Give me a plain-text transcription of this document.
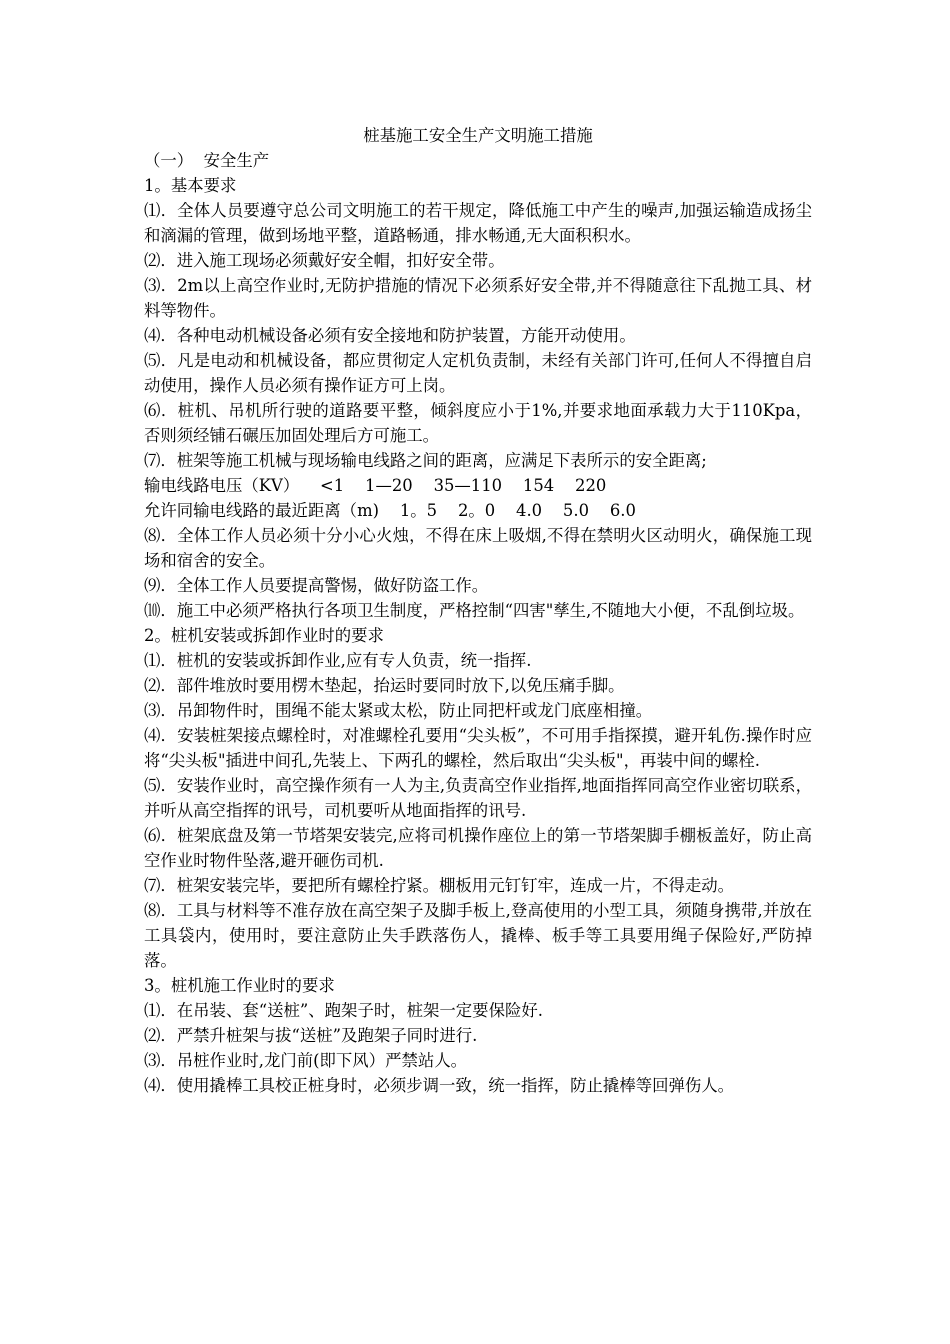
桩基施工安全生产文明施工措施

（一）  安全生产

1。基本要求

⑴．全体人员要遵守总公司文明施工的若干规定，降低施工中产生的噪声,加强运输造成扬尘和滴漏的管理，做到场地平整，道路畅通，排水畅通,无大面积积水。

⑵．进入施工现场必须戴好安全帽，扣好安全带。

⑶．2m以上高空作业时,无防护措施的情况下必须系好安全带,并不得随意往下乱抛工具、材料等物件。

⑷．各种电动机械设备必须有安全接地和防护装置，方能开动使用。

⑸．凡是电动和机械设备，都应贯彻定人定机负责制，未经有关部门许可,任何人不得擅自启动使用，操作人员必须有操作证方可上岗。

⑹．桩机、吊机所行驶的道路要平整，倾斜度应小于1%,并要求地面承载力大于110Kpa，否则须经铺石碾压加固处理后方可施工。

⑺．桩架等施工机械与现场输电线路之间的距离，应满足下表所示的安全距离;

输电线路电压（KV）    <1    1—20    35—110    154    220

允许同输电线路的最近距离（m)    1。5    2。0    4.0    5.0    6.0

⑻．全体工作人员必须十分小心火烛，不得在床上吸烟,不得在禁明火区动明火，确保施工现场和宿舍的安全。

⑼．全体工作人员要提高警惕，做好防盗工作。

⑽．施工中必须严格执行各项卫生制度，严格控制“四害"孳生,不随地大小便，不乱倒垃圾。

2。桩机安装或拆卸作业时的要求

⑴．桩机的安装或拆卸作业,应有专人负责，统一指挥.

⑵．部件堆放时要用楞木垫起，抬运时要同时放下,以免压痛手脚。

⑶．吊卸物件时，围绳不能太紧或太松，防止同把杆或龙门底座相撞。

⑷．安装桩架接点螺栓时，对准螺栓孔要用“尖头板”，不可用手指探摸，避开轧伤.操作时应将“尖头板"插进中间孔,先装上、下两孔的螺栓，然后取出“尖头板"，再装中间的螺栓.

⑸．安装作业时，高空操作须有一人为主,负责高空作业指挥,地面指挥同高空作业密切联系，并听从高空指挥的讯号，司机要听从地面指挥的讯号.

⑹．桩架底盘及第一节塔架安装完,应将司机操作座位上的第一节塔架脚手棚板盖好，防止高空作业时物件坠落,避开砸伤司机.

⑺．桩架安装完毕，要把所有螺栓拧紧。棚板用元钉钉牢，连成一片，不得走动。

⑻．工具与材料等不准存放在高空架子及脚手板上,登高使用的小型工具，须随身携带,并放在工具袋内，使用时，要注意防止失手跌落伤人，撬棒、板手等工具要用绳子保险好,严防掉落。

3。桩机施工作业时的要求

⑴．在吊装、套“送桩”、跑架子时，桩架一定要保险好.

⑵．严禁升桩架与拔“送桩”及跑架子同时进行.

⑶．吊桩作业时,龙门前(即下风）严禁站人。

⑷．使用撬棒工具校正桩身时，必须步调一致，统一指挥，防止撬棒等回弹伤人。
